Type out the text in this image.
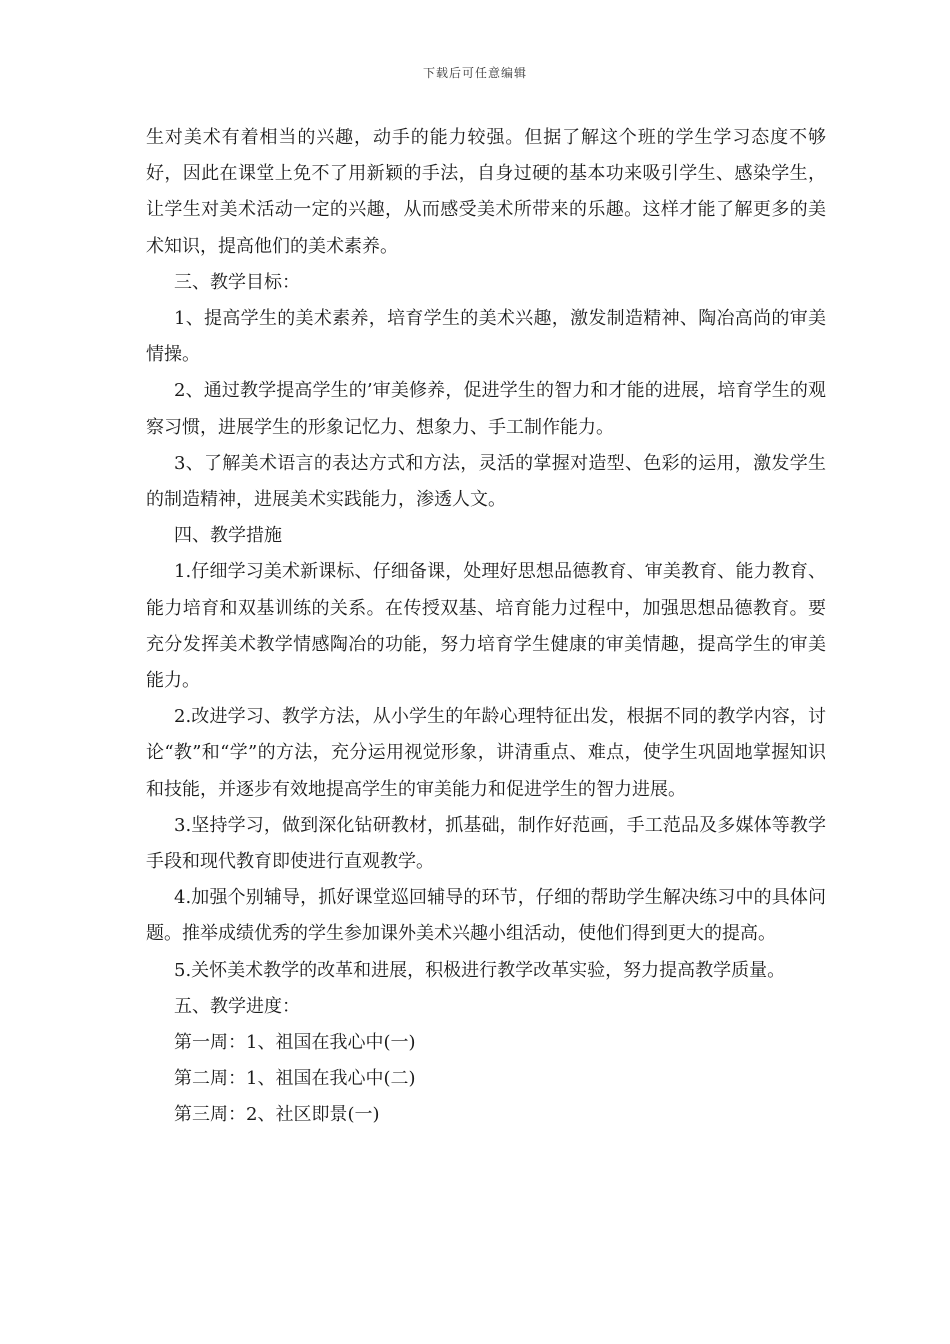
下载后可任意编辑

生对美术有着相当的兴趣，动手的能力较强。但据了解这个班的学生学习态度不够好，因此在课堂上免不了用新颖的手法，自身过硬的基本功来吸引学生、感染学生，让学生对美术活动一定的兴趣，从而感受美术所带来的乐趣。这样才能了解更多的美术知识，提高他们的美术素养。

三、教学目标：

1、提高学生的美术素养，培育学生的美术兴趣，激发制造精神、陶冶高尚的审美情操。

2、通过教学提高学生的’审美修养，促进学生的智力和才能的进展，培育学生的观察习惯，进展学生的形象记忆力、想象力、手工制作能力。

3、了解美术语言的表达方式和方法，灵活的掌握对造型、色彩的运用，激发学生的制造精神，进展美术实践能力，渗透人文。

四、教学措施

1.仔细学习美术新课标、仔细备课，处理好思想品德教育、审美教育、能力教育、能力培育和双基训练的关系。在传授双基、培育能力过程中，加强思想品德教育。要充分发挥美术教学情感陶冶的功能，努力培育学生健康的审美情趣，提高学生的审美能力。

2.改进学习、教学方法，从小学生的年龄心理特征出发，根据不同的教学内容，讨论“教”和“学”的方法，充分运用视觉形象，讲清重点、难点，使学生巩固地掌握知识和技能，并逐步有效地提高学生的审美能力和促进学生的智力进展。

3.坚持学习，做到深化钻研教材，抓基础，制作好范画，手工范品及多媒体等教学手段和现代教育即使进行直观教学。

4.加强个别辅导，抓好课堂巡回辅导的环节，仔细的帮助学生解决练习中的具体问题。推举成绩优秀的学生参加课外美术兴趣小组活动，使他们得到更大的提高。

5.关怀美术教学的改革和进展，积极进行教学改革实验，努力提高教学质量。

五、教学进度：

第一周：1、祖国在我心中(一)

第二周：1、祖国在我心中(二)

第三周：2、社区即景(一)
